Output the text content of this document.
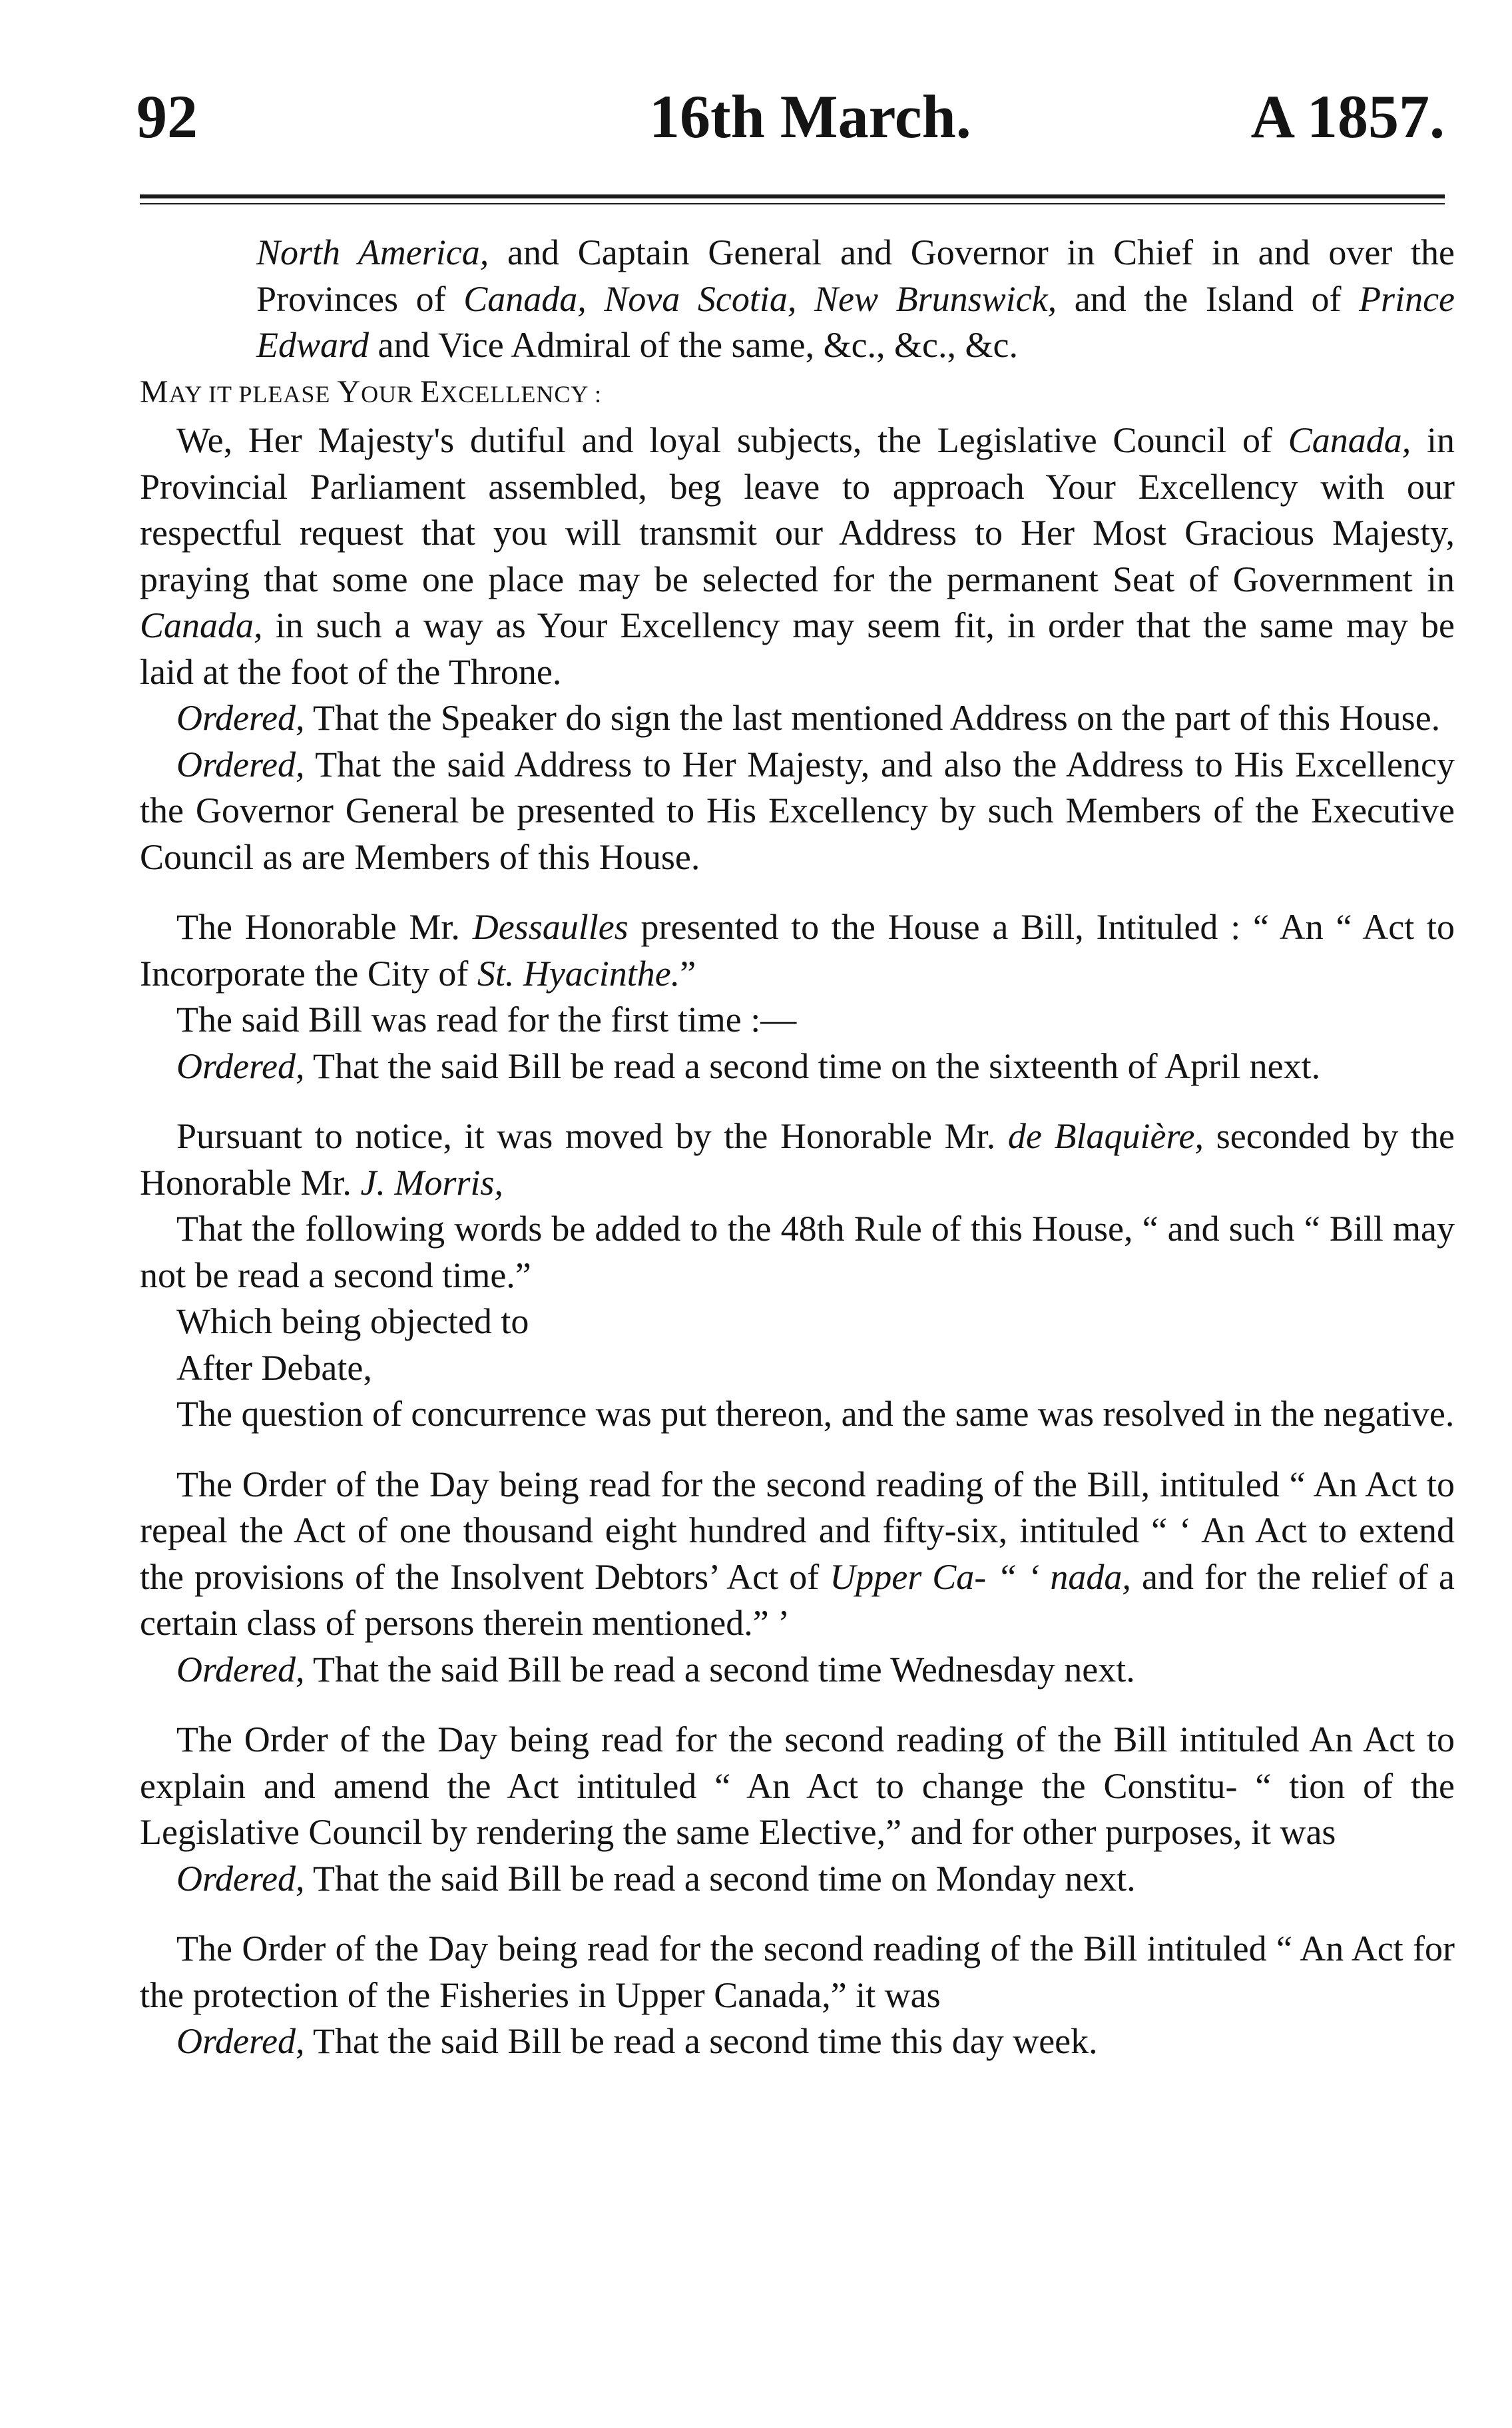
92	16th March.	A 1857.

North America, and Captain General and Governor in Chief in and over the Provinces of Canada, Nova Scotia, New Brunswick, and the Island of Prince Edward and Vice Admiral of the same, &c., &c., &c.

MAY IT PLEASE YOUR EXCELLENCY :

We, Her Majesty's dutiful and loyal subjects, the Legislative Council of Canada, in Provincial Parliament assembled, beg leave to approach Your Excellency with our respectful request that you will transmit our Address to Her Most Gracious Majesty, praying that some one place may be selected for the permanent Seat of Government in Canada, in such a way as Your Excellency may seem fit, in order that the same may be laid at the foot of the Throne.

Ordered, That the Speaker do sign the last mentioned Address on the part of this House.

Ordered, That the said Address to Her Majesty, and also the Address to His Excellency the Governor General be presented to His Excellency by such Members of the Executive Council as are Members of this House.

The Honorable Mr. Dessaulles presented to the House a Bill, Intituled : “ An “ Act to Incorporate the City of St. Hyacinthe.”

The said Bill was read for the first time :—

Ordered, That the said Bill be read a second time on the sixteenth of April next.

Pursuant to notice, it was moved by the Honorable Mr. de Blaquière, seconded by the Honorable Mr. J. Morris,

That the following words be added to the 48th Rule of this House, “ and such “ Bill may not be read a second time.”

Which being objected to

After Debate,

The question of concurrence was put thereon, and the same was resolved in the negative.

The Order of the Day being read for the second reading of the Bill, intituled “ An Act to repeal the Act of one thousand eight hundred and fifty-six, intituled “ ‘ An Act to extend the provisions of the Insolvent Debtors’ Act of Upper Ca- “ ‘ nada, and for the relief of a certain class of persons therein mentioned.” ’

Ordered, That the said Bill be read a second time Wednesday next.

The Order of the Day being read for the second reading of the Bill intituled An Act to explain and amend the Act intituled “ An Act to change the Constitu- “ tion of the Legislative Council by rendering the same Elective,” and for other purposes, it was

Ordered, That the said Bill be read a second time on Monday next.

The Order of the Day being read for the second reading of the Bill intituled “ An Act for the protection of the Fisheries in Upper Canada,” it was

Ordered, That the said Bill be read a second time this day week.
